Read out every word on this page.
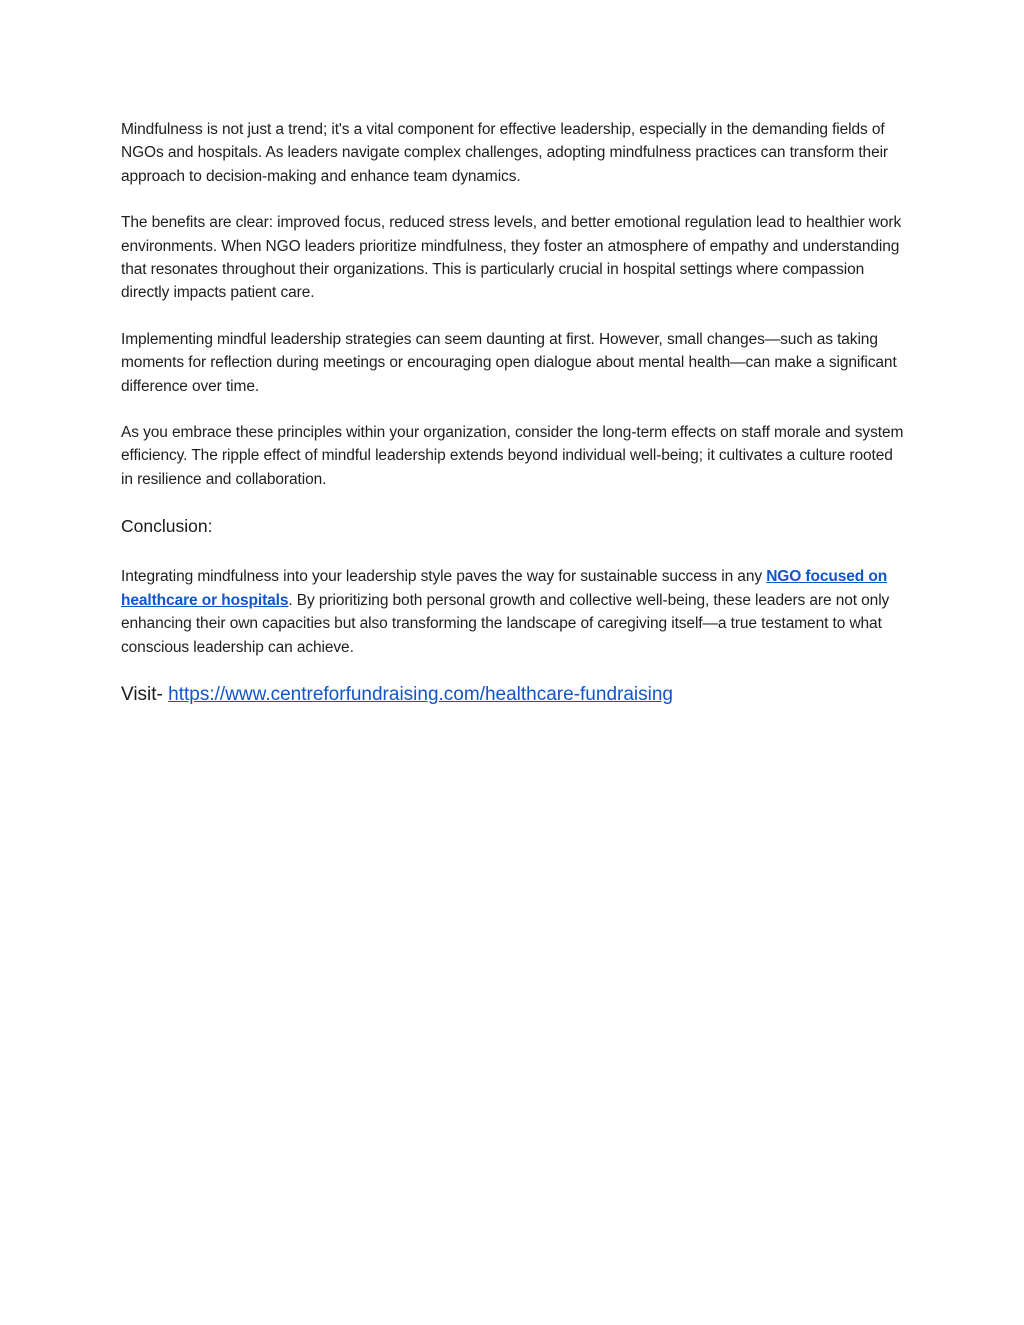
Mindfulness is not just a trend; it's a vital component for effective leadership, especially in the demanding fields of NGOs and hospitals. As leaders navigate complex challenges, adopting mindfulness practices can transform their approach to decision-making and enhance team dynamics.

The benefits are clear: improved focus, reduced stress levels, and better emotional regulation lead to healthier work environments. When NGO leaders prioritize mindfulness, they foster an atmosphere of empathy and understanding that resonates throughout their organizations. This is particularly crucial in hospital settings where compassion directly impacts patient care.

Implementing mindful leadership strategies can seem daunting at first. However, small changes—such as taking moments for reflection during meetings or encouraging open dialogue about mental health—can make a significant difference over time.

As you embrace these principles within your organization, consider the long-term effects on staff morale and system efficiency. The ripple effect of mindful leadership extends beyond individual well-being; it cultivates a culture rooted in resilience and collaboration.

Conclusion:

Integrating mindfulness into your leadership style paves the way for sustainable success in any NGO focused on healthcare or hospitals. By prioritizing both personal growth and collective well-being, these leaders are not only enhancing their own capacities but also transforming the landscape of caregiving itself—a true testament to what conscious leadership can achieve.

Visit- https://www.centreforfundraising.com/healthcare-fundraising
